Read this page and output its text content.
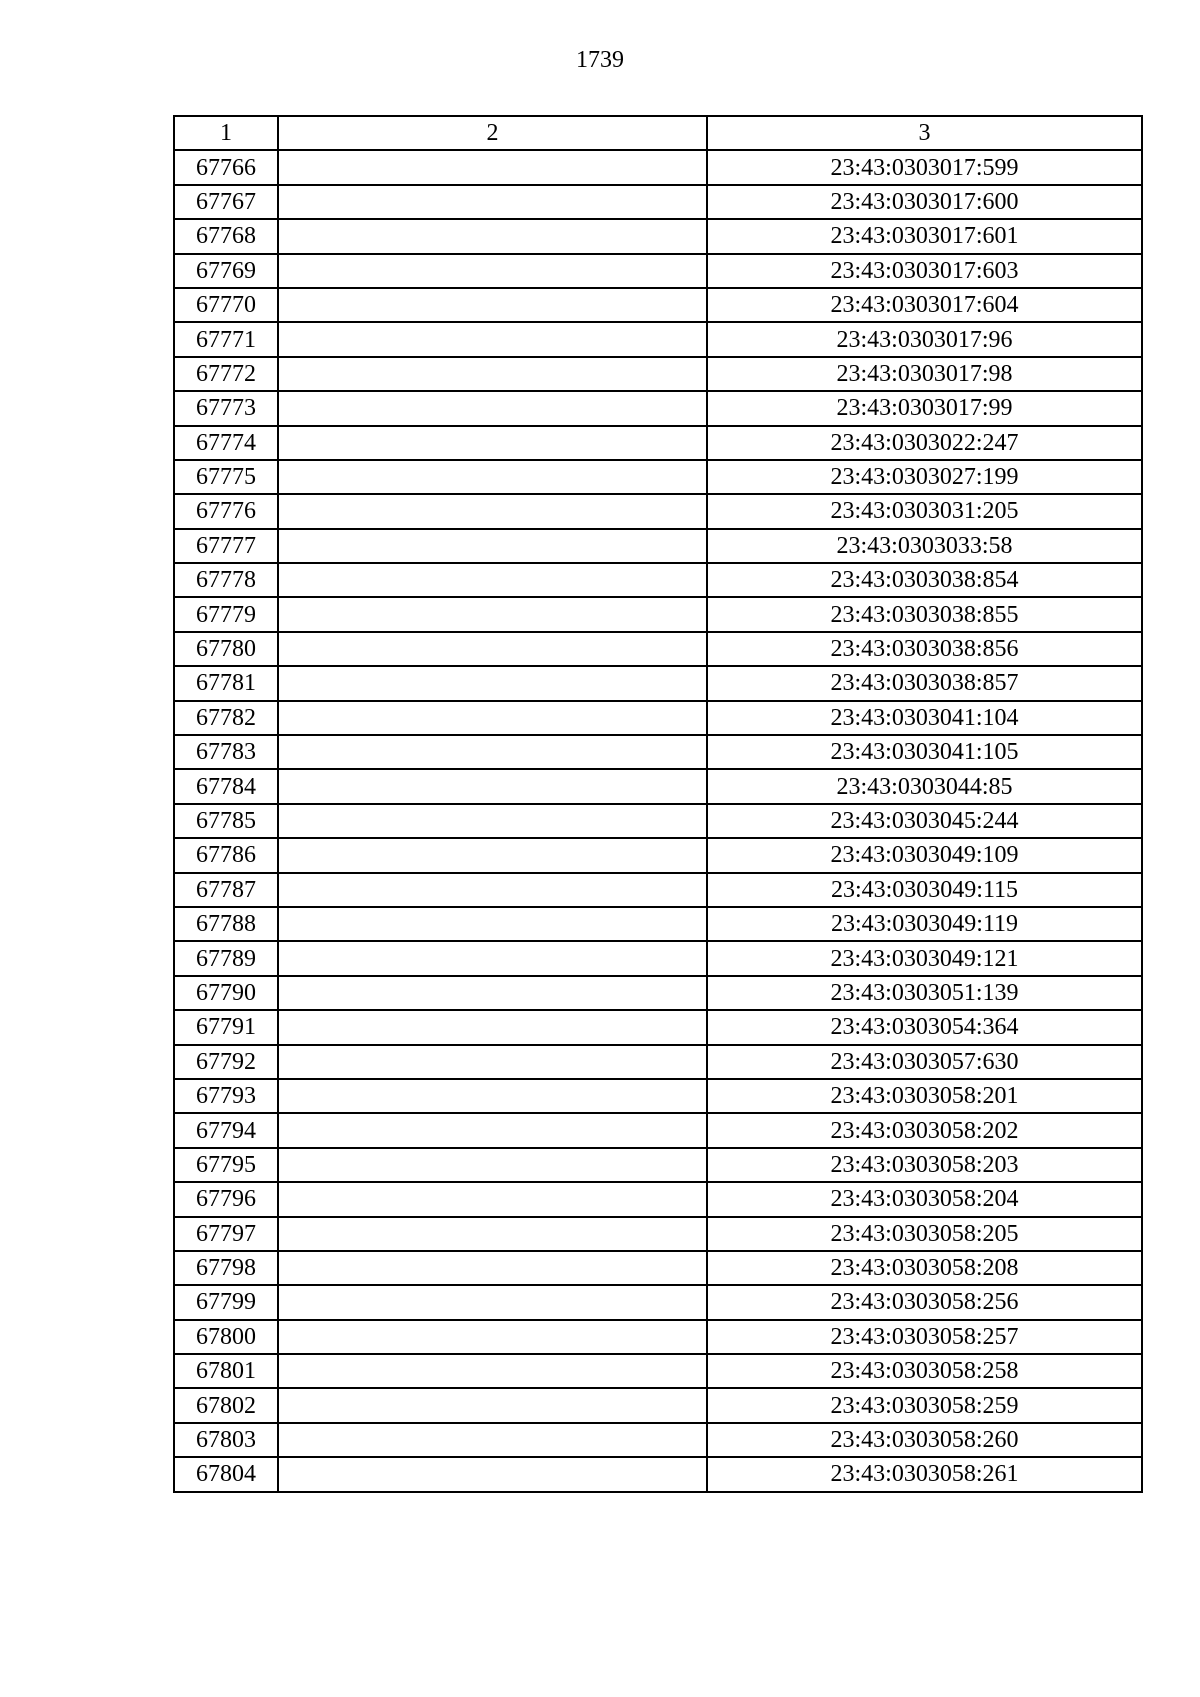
1739
1	2	3
67766		23:43:0303017:599
67767		23:43:0303017:600
67768		23:43:0303017:601
67769		23:43:0303017:603
67770		23:43:0303017:604
67771		23:43:0303017:96
67772		23:43:0303017:98
67773		23:43:0303017:99
67774		23:43:0303022:247
67775		23:43:0303027:199
67776		23:43:0303031:205
67777		23:43:0303033:58
67778		23:43:0303038:854
67779		23:43:0303038:855
67780		23:43:0303038:856
67781		23:43:0303038:857
67782		23:43:0303041:104
67783		23:43:0303041:105
67784		23:43:0303044:85
67785		23:43:0303045:244
67786		23:43:0303049:109
67787		23:43:0303049:115
67788		23:43:0303049:119
67789		23:43:0303049:121
67790		23:43:0303051:139
67791		23:43:0303054:364
67792		23:43:0303057:630
67793		23:43:0303058:201
67794		23:43:0303058:202
67795		23:43:0303058:203
67796		23:43:0303058:204
67797		23:43:0303058:205
67798		23:43:0303058:208
67799		23:43:0303058:256
67800		23:43:0303058:257
67801		23:43:0303058:258
67802		23:43:0303058:259
67803		23:43:0303058:260
67804		23:43:0303058:261
